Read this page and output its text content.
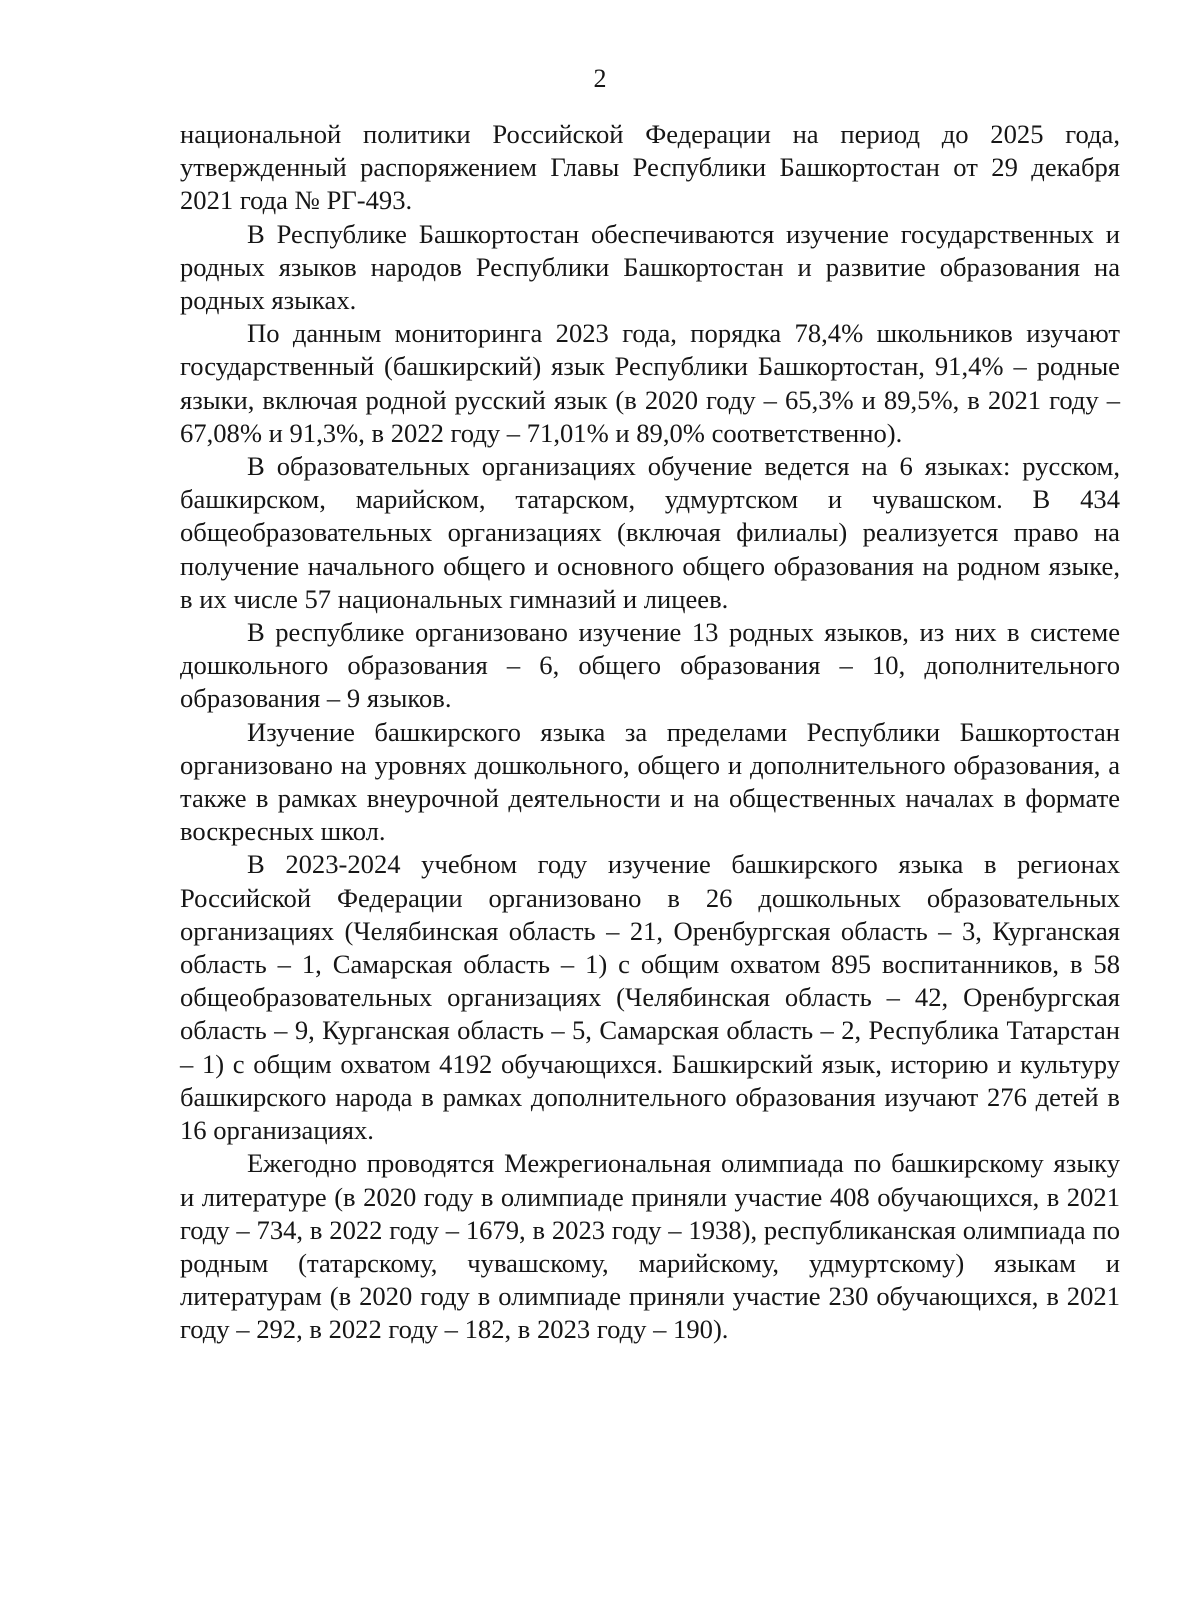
2

национальной политики Российской Федерации на период до 2025 года, утвержденный распоряжением Главы Республики Башкортостан от 29 декабря 2021 года № РГ-493.

В Республике Башкортостан обеспечиваются изучение государственных и родных языков народов Республики Башкортостан и развитие образования на родных языках.

По данным мониторинга 2023 года, порядка 78,4% школьников изучают государственный (башкирский) язык Республики Башкортостан, 91,4% – родные языки, включая родной русский язык (в 2020 году – 65,3% и 89,5%, в 2021 году – 67,08% и 91,3%, в 2022 году – 71,01% и 89,0% соответственно).

В образовательных организациях обучение ведется на 6 языках: русском, башкирском, марийском, татарском, удмуртском и чувашском. В 434 общеобразовательных организациях (включая филиалы) реализуется право на получение начального общего и основного общего образования на родном языке, в их числе 57 национальных гимназий и лицеев.

В республике организовано изучение 13 родных языков, из них в системе дошкольного образования – 6, общего образования – 10, дополнительного образования – 9 языков.

Изучение башкирского языка за пределами Республики Башкортостан организовано на уровнях дошкольного, общего и дополнительного образования, а также в рамках внеурочной деятельности и на общественных началах в формате воскресных школ.

В 2023-2024 учебном году изучение башкирского языка в регионах Российской Федерации организовано в 26 дошкольных образовательных организациях (Челябинская область – 21, Оренбургская область – 3, Курганская область – 1, Самарская область – 1) с общим охватом 895 воспитанников, в 58 общеобразовательных организациях (Челябинская область – 42, Оренбургская область – 9, Курганская область – 5, Самарская область – 2, Республика Татарстан – 1) с общим охватом 4192 обучающихся. Башкирский язык, историю и культуру башкирского народа в рамках дополнительного образования изучают 276 детей в 16 организациях.

Ежегодно проводятся Межрегиональная олимпиада по башкирскому языку и литературе (в 2020 году в олимпиаде приняли участие 408 обучающихся, в 2021 году – 734, в 2022 году – 1679, в 2023 году – 1938), республиканская олимпиада по родным (татарскому, чувашскому, марийскому, удмуртскому) языкам и литературам (в 2020 году в олимпиаде приняли участие 230 обучающихся, в 2021 году – 292, в 2022 году – 182, в 2023 году – 190).
